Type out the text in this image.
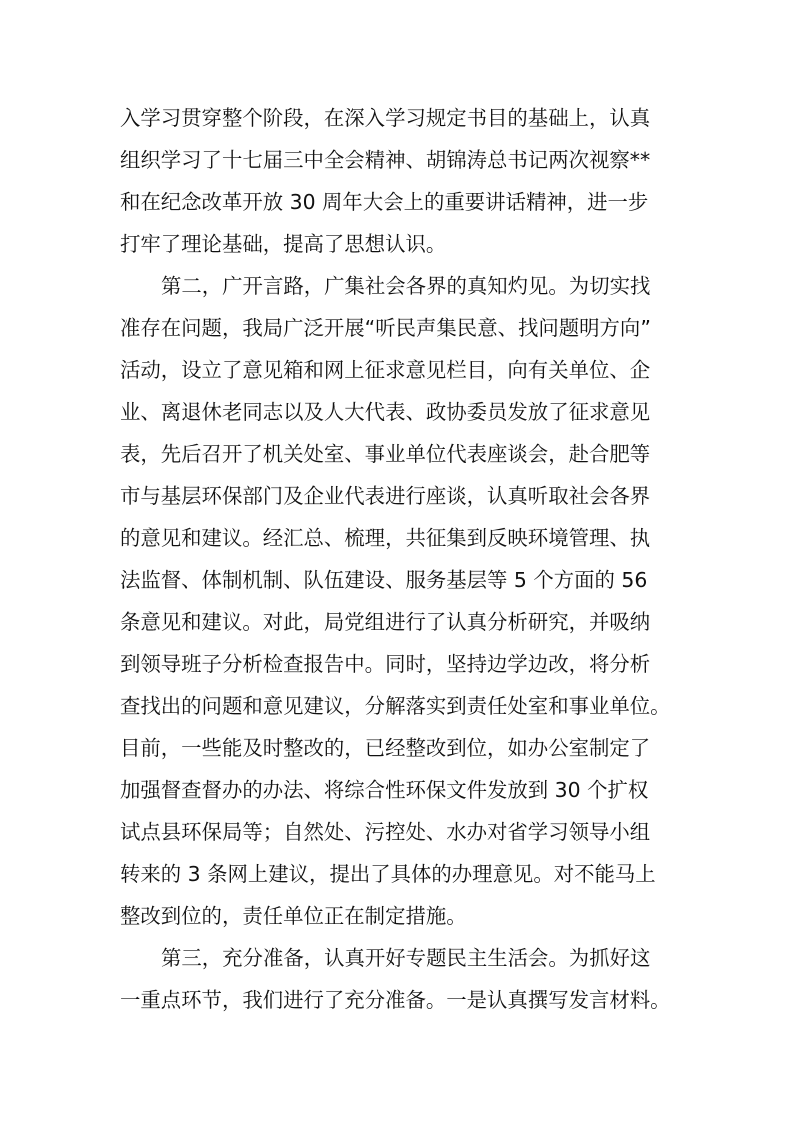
入学习贯穿整个阶段，在深入学习规定书目的基础上，认真
组织学习了十七届三中全会精神、胡锦涛总书记两次视察**
和在纪念改革开放 30 周年大会上的重要讲话精神，进一步
打牢了理论基础，提高了思想认识。
第二，广开言路，广集社会各界的真知灼见。为切实找
准存在问题，我局广泛开展“听民声集民意、找问题明方向”
活动，设立了意见箱和网上征求意见栏目，向有关单位、企
业、离退休老同志以及人大代表、政协委员发放了征求意见
表，先后召开了机关处室、事业单位代表座谈会，赴合肥等
市与基层环保部门及企业代表进行座谈，认真听取社会各界
的意见和建议。经汇总、梳理，共征集到反映环境管理、执
法监督、体制机制、队伍建设、服务基层等 5 个方面的 56
条意见和建议。对此，局党组进行了认真分析研究，并吸纳
到领导班子分析检查报告中。同时，坚持边学边改，将分析
查找出的问题和意见建议，分解落实到责任处室和事业单位。
目前，一些能及时整改的，已经整改到位，如办公室制定了
加强督查督办的办法、将综合性环保文件发放到 30 个扩权
试点县环保局等；自然处、污控处、水办对省学习领导小组
转来的 3 条网上建议，提出了具体的办理意见。对不能马上
整改到位的，责任单位正在制定措施。
第三，充分准备，认真开好专题民主生活会。为抓好这
一重点环节，我们进行了充分准备。一是认真撰写发言材料。
